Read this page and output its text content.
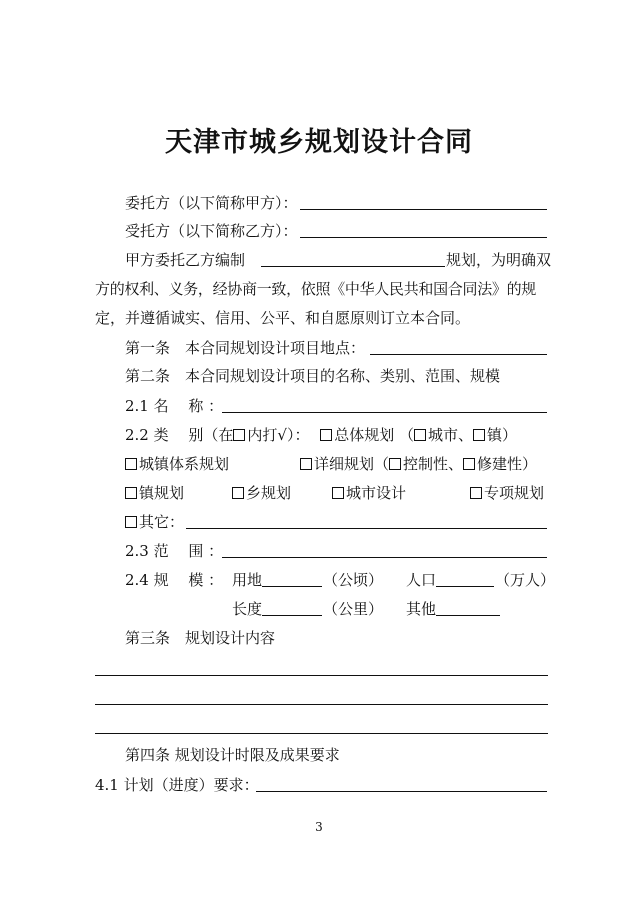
天津市城乡规划设计合同
委托方（以下简称甲方）：
受托方（以下简称乙方）：
甲方委托乙方编制	规划，为明确双
方的权利、义务，经协商一致，依照《中华人民共和国合同法》的规
定，并遵循诚实、信用、公平、和自愿原则订立本合同。
第一条　本合同规划设计项目地点：
第二条　本合同规划设计项目的名称、类别、范围、规模
2.1 名　 称 ：
2.2 类　 别（在 内打√）： 总体规划 （ 城市、 镇）
城镇体系规划	详细规划（ 控制性、 修建性）
镇规划	乡规划	城市设计	专项规划
其它：
2.3 范　 围 ：
2.4 规　 模 ： 用地	（公顷） 人口	（万人）
长度	（公里） 其他
第三条　规划设计内容
第四条 规划设计时限及成果要求
4.1 计划（进度）要求：
3
